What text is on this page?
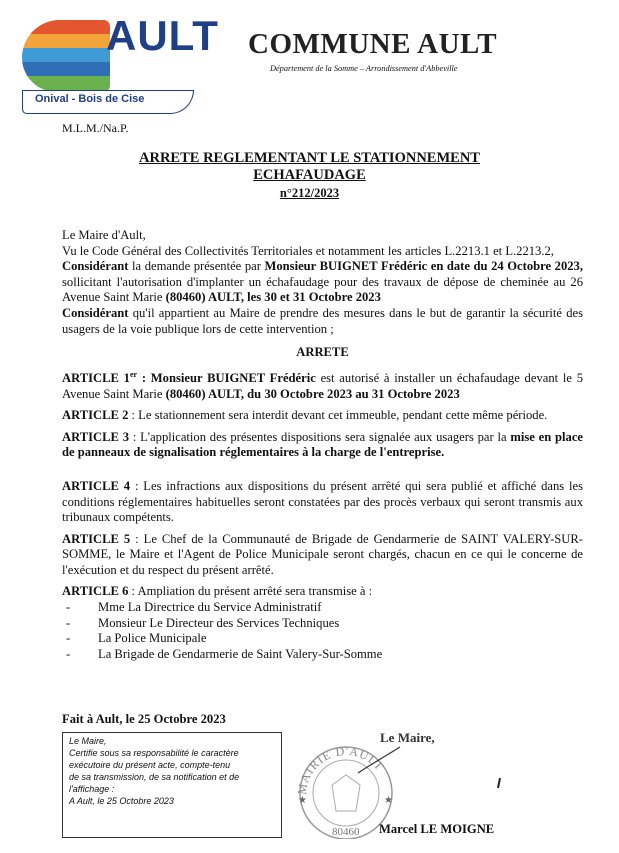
AULT
Onival - Bois de Cise
COMMUNE AULT
Département de la Somme – Arrondissement d'Abbeville
M.L.M./Na.P.
ARRETE REGLEMENTANT LE STATIONNEMENT
ECHAFAUDAGE
n°212/2023

Le Maire d'Ault,

Vu le Code Général des Collectivités Territoriales et notamment les articles L.2213.1 et L.2213.2,

Considérant la demande présentée par Monsieur BUIGNET Frédéric en date du 24 Octobre 2023, sollicitant l'autorisation d'implanter un échafaudage pour des travaux de dépose de cheminée au 26 Avenue Saint Marie (80460) AULT, les 30 et 31 Octobre 2023

Considérant qu'il appartient au Maire de prendre des mesures dans le but de garantir la sécurité des usagers de la voie publique lors de cette intervention ;

ARRETE

ARTICLE 1er : Monsieur BUIGNET Frédéric est autorisé à installer un échafaudage devant le 5 Avenue Saint Marie (80460) AULT, du 30 Octobre 2023 au 31 Octobre 2023

ARTICLE 2 : Le stationnement sera interdit devant cet immeuble, pendant cette même période.

ARTICLE 3 : L'application des présentes dispositions sera signalée aux usagers par la mise en place de panneaux de signalisation réglementaires à la charge de l'entreprise.

ARTICLE 4 : Les infractions aux dispositions du présent arrêté qui sera publié et affiché dans les conditions réglementaires habituelles seront constatées par des procès verbaux qui seront transmis aux tribunaux compétents.

ARTICLE 5 : Le Chef de la Communauté de Brigade de Gendarmerie de SAINT VALERY-SUR-SOMME, le Maire et l'Agent de Police Municipale seront chargés, chacun en ce qui le concerne de l'exécution et du respect du présent arrêté.

ARTICLE 6 : Ampliation du présent arrêté sera transmise à :

- Mme La Directrice du Service Administratif
- Monsieur Le Directeur des Services Techniques
- La Police Municipale
- La Brigade de Gendarmerie de Saint Valery-Sur-Somme
Fait à Ault, le 25 Octobre 2023
Le Maire,
Certifie sous sa responsabilité le caractère
exécutoire du présent acte, compte-tenu
de sa transmission, de sa notification et de
l'affichage :
A Ault, le 25 Octobre 2023
MAIRIE D'AULT
★	★
80460
Le Maire,
Marcel LE MOIGNE
